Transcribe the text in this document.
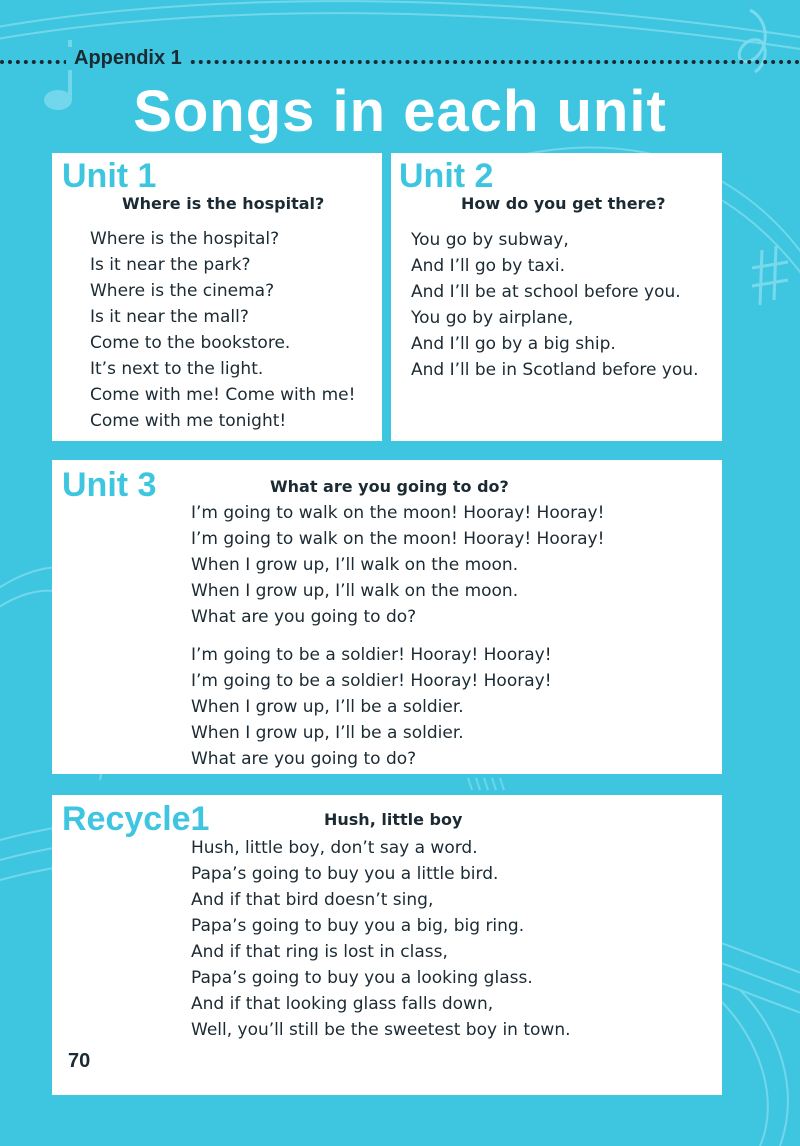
Appendix 1
Songs in each unit
Unit 1
Where is the hospital?
Where is the hospital?
Is it near the park?
Where is the cinema?
Is it near the mall?
Come to the bookstore.
It’s next to the light.
Come with me! Come with me!
Come with me tonight!
Unit 2
How do you get there?
You go by subway,
And I’ll go by taxi.
And I’ll be at school before you.
You go by airplane,
And I’ll go by a big ship.
And I’ll be in Scotland before you.
Unit 3	What are you going to do?
I’m going to walk on the moon! Hooray! Hooray!
I’m going to walk on the moon! Hooray! Hooray!
When I grow up, I’ll walk on the moon.
When I grow up, I’ll walk on the moon.
What are you going to do?
I’m going to be a soldier! Hooray! Hooray!
I’m going to be a soldier! Hooray! Hooray!
When I grow up, I’ll be a soldier.
When I grow up, I’ll be a soldier.
What are you going to do?
Recycle1	Hush, little boy
Hush, little boy, don’t say a word.
Papa’s going to buy you a little bird.
And if that bird doesn’t sing,
Papa’s going to buy you a big, big ring.
And if that ring is lost in class,
Papa’s going to buy you a looking glass.
And if that looking glass falls down,
Well, you’ll still be the sweetest boy in town.
70
